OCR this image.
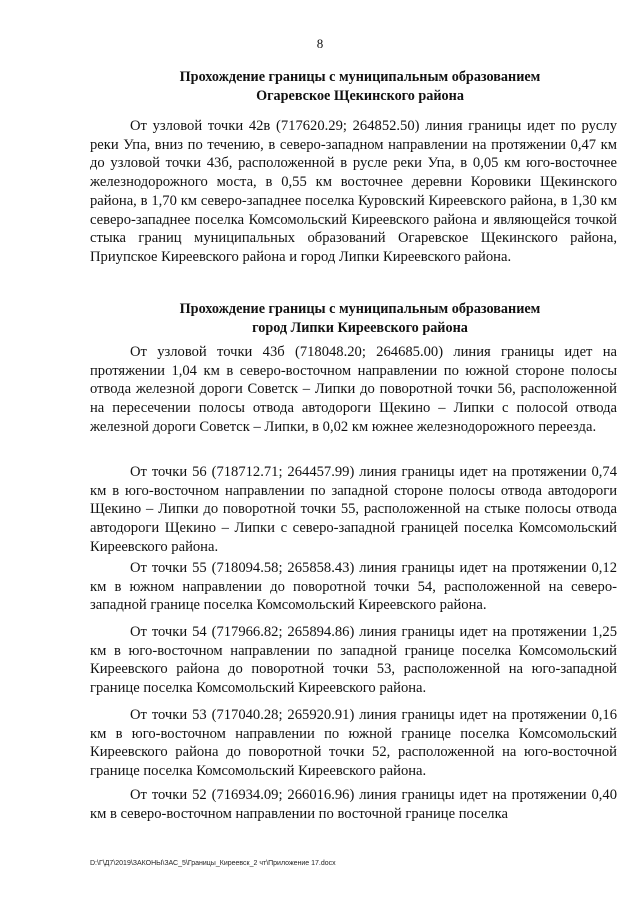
8
Прохождение границы с муниципальным образованием
Огаревское Щекинского района

От узловой точки 42в (717620.29; 264852.50) линия границы идет по руслу реки Упа, вниз по течению, в северо-западном направлении на протяжении 0,47 км до узловой точки 43б, расположенной в русле реки Упа, в 0,05 км юго-восточнее железнодорожного моста, в 0,55 км восточнее деревни Коровики Щекинского района, в 1,70 км северо-западнее поселка Куровский Киреевского района, в 1,30 км северо-западнее поселка Комсомольский Киреевского района и являющейся точкой стыка границ муниципальных образований Огаревское Щекинского района, Приупское Киреевского района и город Липки Киреевского района.

Прохождение границы с муниципальным образованием
город Липки Киреевского района

От узловой точки 43б (718048.20; 264685.00) линия границы идет на протяжении 1,04 км в северо-восточном направлении по южной стороне полосы отвода железной дороги Советск – Липки до поворотной точки 56, расположенной на пересечении полосы отвода автодороги Щекино – Липки с полосой отвода железной дороги Советск – Липки, в 0,02 км южнее железнодорожного переезда.

От точки 56 (718712.71; 264457.99) линия границы идет на протяжении 0,74 км в юго-восточном направлении по западной стороне полосы отвода автодороги Щекино – Липки до поворотной точки 55, расположенной на стыке полосы отвода автодороги Щекино – Липки с северо-западной границей поселка Комсомольский Киреевского района.

От точки 55 (718094.58; 265858.43) линия границы идет на протяжении 0,12 км в южном направлении до поворотной точки 54, расположенной на северо-западной границе поселка Комсомольский Киреевского района.

От точки 54 (717966.82; 265894.86) линия границы идет на протяжении 1,25 км в юго-восточном направлении по западной границе поселка Комсомольский Киреевского района до поворотной точки 53, расположенной на юго-западной границе поселка Комсомольский Киреевского района.

От точки 53 (717040.28; 265920.91) линия границы идет на протяжении 0,16 км в юго-восточном направлении по южной границе поселка Комсомольский Киреевского района до поворотной точки 52, расположенной на юго-восточной границе поселка Комсомольский Киреевского района.

От точки 52 (716934.09; 266016.96) линия границы идет на протяжении 0,40 км в северо-восточном направлении по восточной границе поселка

D:\Г\Д7\2019\ЗАКОНЫ\ЗАС_5\Границы_Киреевск_2 чт\Приложение 17.docx
